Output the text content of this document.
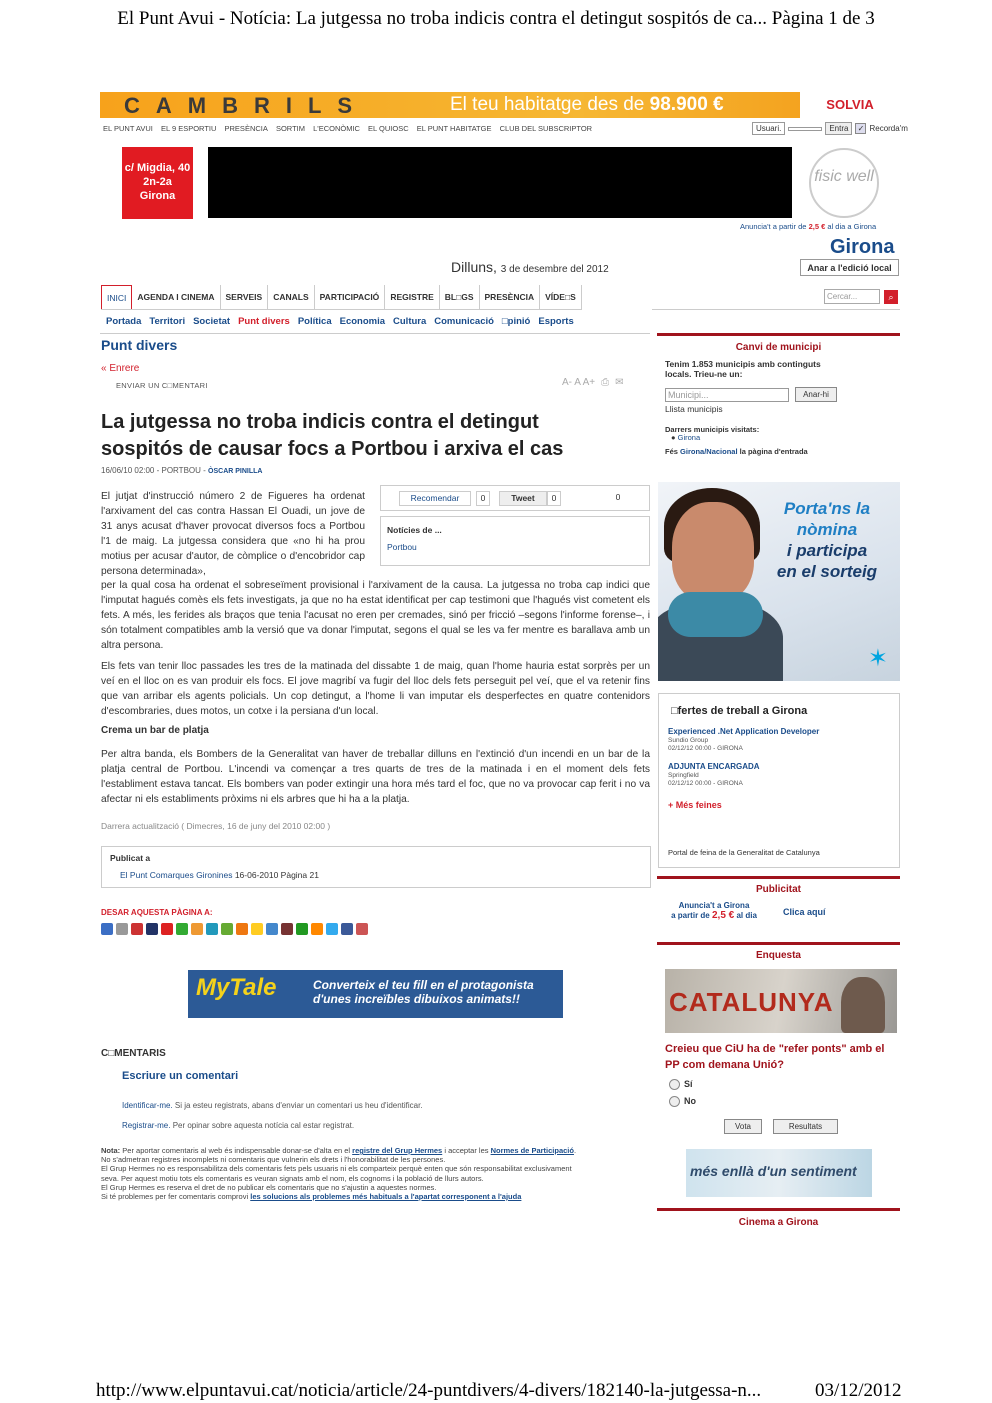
El Punt Avui - Notícia: La jutgessa no troba indicis contra el detingut sospitós de ca... Pàgina 1 de 3
CAMBRILS	El teu habitatge des de 98.900 €	SOLVIA
EL PUNT AVUI EL 9 ESPORTIU PRESÈNCIA SORTIM L'ECONÒMIC EL QUIOSC EL PUNT HABITATGE CLUB DEL SUBSCRIPTOR	Usuari.	Entra	✓ Recorda'm
c/ Migdia, 40
2n-2a
Girona
fisic well
Anuncia't a partir de 2,5 € al dia a Girona
Girona
Dilluns, 3 de desembre del 2012	Anar a l'edició local
INICI	AGENDA I CINEMA	SERVEIS	CANALS	PARTICIPACIÓ	REGISTRE	BL□GS	PRESÈNCIA	VÍDE□S	Cercar...	⌕
Portada Territori Societat Punt divers Política Economia Cultura Comunicació □pinió Esports
Punt divers
« Enrere
ENVIAR UN C□MENTARI	A- A A+ ⎙ ✉
La jutgessa no troba indicis contra el detingut sospitós de causar focs a Portbou i arxiva el cas
16/06/10 02:00 - PORTBOU - ÒSCAR PINILLA
El jutjat d'instrucció número 2 de Figueres ha ordenat l'arxivament del cas contra Hassan El Ouadi, un jove de 31 anys acusat d'haver provocat diversos focs a Portbou l'1 de maig. La jutgessa considera que «no hi ha prou motius per acusar d'autor, de còmplice o d'encobridor cap persona determinada»,
Recomendar	0	Tweet	0	0
Notícies de ...
Portbou
per la qual cosa ha ordenat el sobreseïment provisional i l'arxivament de la causa. La jutgessa no troba cap indici que l'imputat hagués comès els fets investigats, ja que no ha estat identificat per cap testimoni que l'hagués vist cometent els fets. A més, les ferides als braços que tenia l'acusat no eren per cremades, sinó per fricció –segons l'informe forense–, i són totalment compatibles amb la versió que va donar l'imputat, segons el qual se les va fer mentre es barallava amb un altra persona.
Els fets van tenir lloc passades les tres de la matinada del dissabte 1 de maig, quan l'home hauria estat sorprès per un veí en el lloc on es van produir els focs. El jove magribí va fugir del lloc dels fets perseguit pel veí, que el va retenir fins que van arribar els agents policials. Un cop detingut, a l'home li van imputar els desperfectes en quatre contenidors d'escombraries, dues motos, un cotxe i la persiana d'un local.
Crema un bar de platja
Per altra banda, els Bombers de la Generalitat van haver de treballar dilluns en l'extinció d'un incendi en un bar de la platja central de Portbou. L'incendi va començar a tres quarts de tres de la matinada i en el moment dels fets l'establiment estava tancat. Els bombers van poder extingir una hora més tard el foc, que no va provocar cap ferit i no va afectar ni els establiments pròxims ni els arbres que hi ha a la platja.
Darrera actualització ( Dimecres, 16 de juny del 2010 02:00 )
Publicat a
El Punt Comarques Gironines 16-06-2010 Pàgina 21
DESAR AQUESTA PÀGINA A:
MyTale	Converteix el teu fill en el protagonista
d'unes increïbles dibuixos animats!!
C□MENTARIS
Escriure un comentari
Identificar-me. Si ja esteu registrats, abans d'enviar un comentari us heu d'identificar.
Registrar-me. Per opinar sobre aquesta notícia cal estar registrat.
Nota: Per aportar comentaris al web és indispensable donar-se d'alta en el registre del Grup Hermes i acceptar les Normes de Participació. No s'admetran registres incomplets ni comentaris que vulnerin els drets i l'honorabilitat de les persones.
El Grup Hermes no es responsabilitza dels comentaris fets pels usuaris ni els comparteix perquè enten que són responsabilitat exclusivament seva. Per aquest motiu tots els comentaris es veuran signats amb el nom, els cognoms i la població de llurs autors.
El Grup Hermes es reserva el dret de no publicar els comentaris que no s'ajustin a aquestes normes.
Si té problemes per fer comentaris comprovi les solucions als problemes més habituals a l'apartat corresponent a l'ajuda
Canvi de municipi
Tenim 1.853 municipis amb continguts locals. Trieu-ne un:
Municipi...	Anar-hi
Llista municipis
Darrers municipis visitats:
● Girona
Fés Girona/Nacional la pàgina d'entrada
Porta'ns la
nòmina
i participa
en el sorteig
✶
□fertes de treball a Girona
Experienced .Net Application Developer
Sundio Group
02/12/12 00:00 - GIRONA
ADJUNTA ENCARGADA
Springfield
02/12/12 00:00 - GIRONA
+ Més feines
Portal de feina de la Generalitat de Catalunya
Publicitat
Anuncia't a Girona
a partir de 2,5 € al dia	Clica aquí
Enquesta
CATALUNYA
Creieu que CiU ha de "refer ponts" amb el PP com demana Unió?
Sí
No
Vota	Resultats
més enllà d'un sentiment
Cinema a Girona
http://www.elpuntavui.cat/noticia/article/24-puntdivers/4-divers/182140-la-jutgessa-n...	03/12/2012
